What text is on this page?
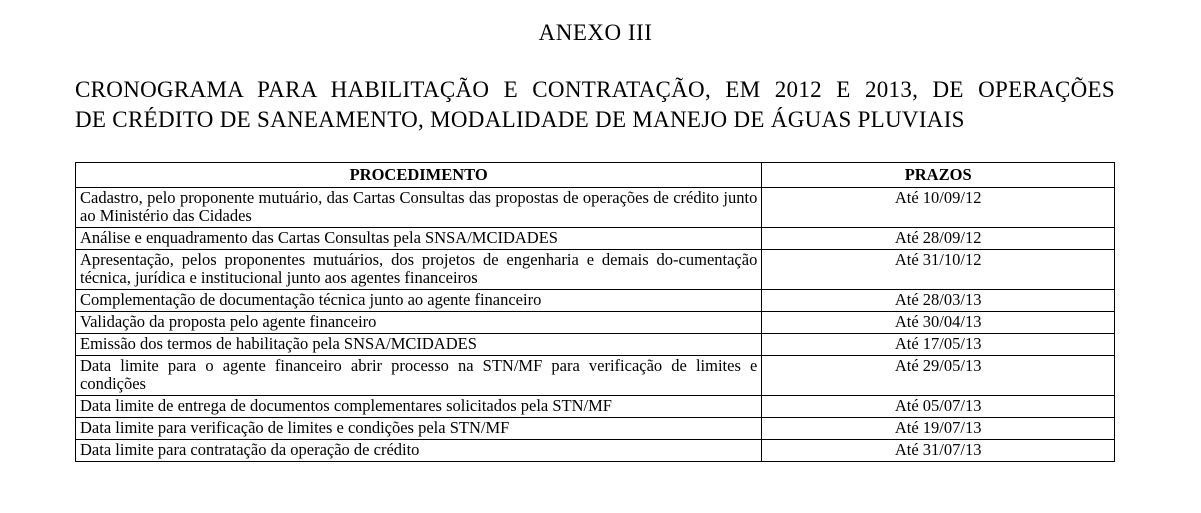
ANEXO III
CRONOGRAMA PARA HABILITAÇÃO E CONTRATAÇÃO, EM 2012 E 2013, DE OPERAÇÕES
DE CRÉDITO DE SANEAMENTO, MODALIDADE DE MANEJO DE ÁGUAS PLUVIAIS
PROCEDIMENTO	PRAZOS
Cadastro, pelo proponente mutuário, das Cartas Consultas das propostas de operações de crédito junto ao Ministério das Cidades	Até 10/09/12
Análise e enquadramento das Cartas Consultas pela SNSA/MCIDADES	Até 28/09/12
Apresentação, pelos proponentes mutuários, dos projetos de engenharia e demais do-cumentação técnica, jurídica e institucional junto aos agentes financeiros	Até 31/10/12
Complementação de documentação técnica junto ao agente financeiro	Até 28/03/13
Validação da proposta pelo agente financeiro	Até 30/04/13
Emissão dos termos de habilitação pela SNSA/MCIDADES	Até 17/05/13
Data limite para o agente financeiro abrir processo na STN/MF para verificação de limites e condições	Até 29/05/13
Data limite de entrega de documentos complementares solicitados pela STN/MF	Até 05/07/13
Data limite para verificação de limites e condições pela STN/MF	Até 19/07/13
Data limite para contratação da operação de crédito	Até 31/07/13
